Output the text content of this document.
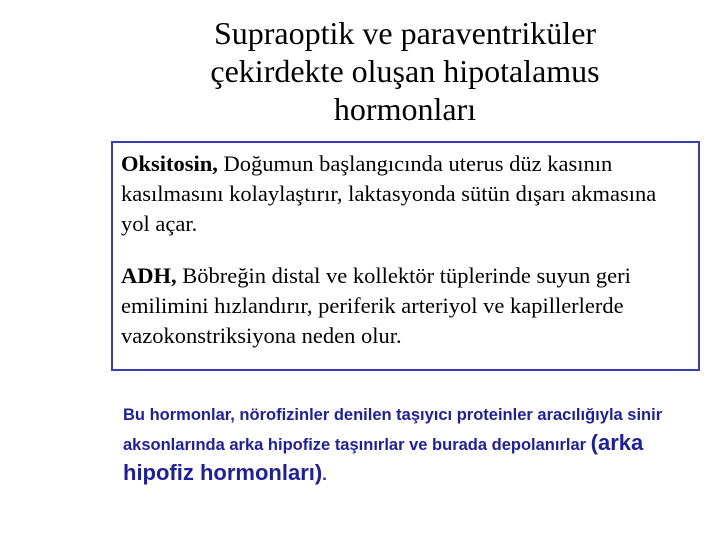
Supraoptik ve paraventriküler çekirdekte oluşan hipotalamus hormonları

Oksitosin, Doğumun başlangıcında uterus düz kasının kasılmasını kolaylaştırır, laktasyonda sütün dışarı akmasına yol açar.

ADH, Böbreğin distal ve kollektör tüplerinde suyun geri emilimini hızlandırır, periferik arteriyol ve kapillerlerde vazokonstriksiyona neden olur.

Bu hormonlar, nörofizinler denilen taşıyıcı proteinler aracılığıyla sinir aksonlarında arka hipofize taşınırlar ve burada depolanırlar (arka hipofiz hormonları).
